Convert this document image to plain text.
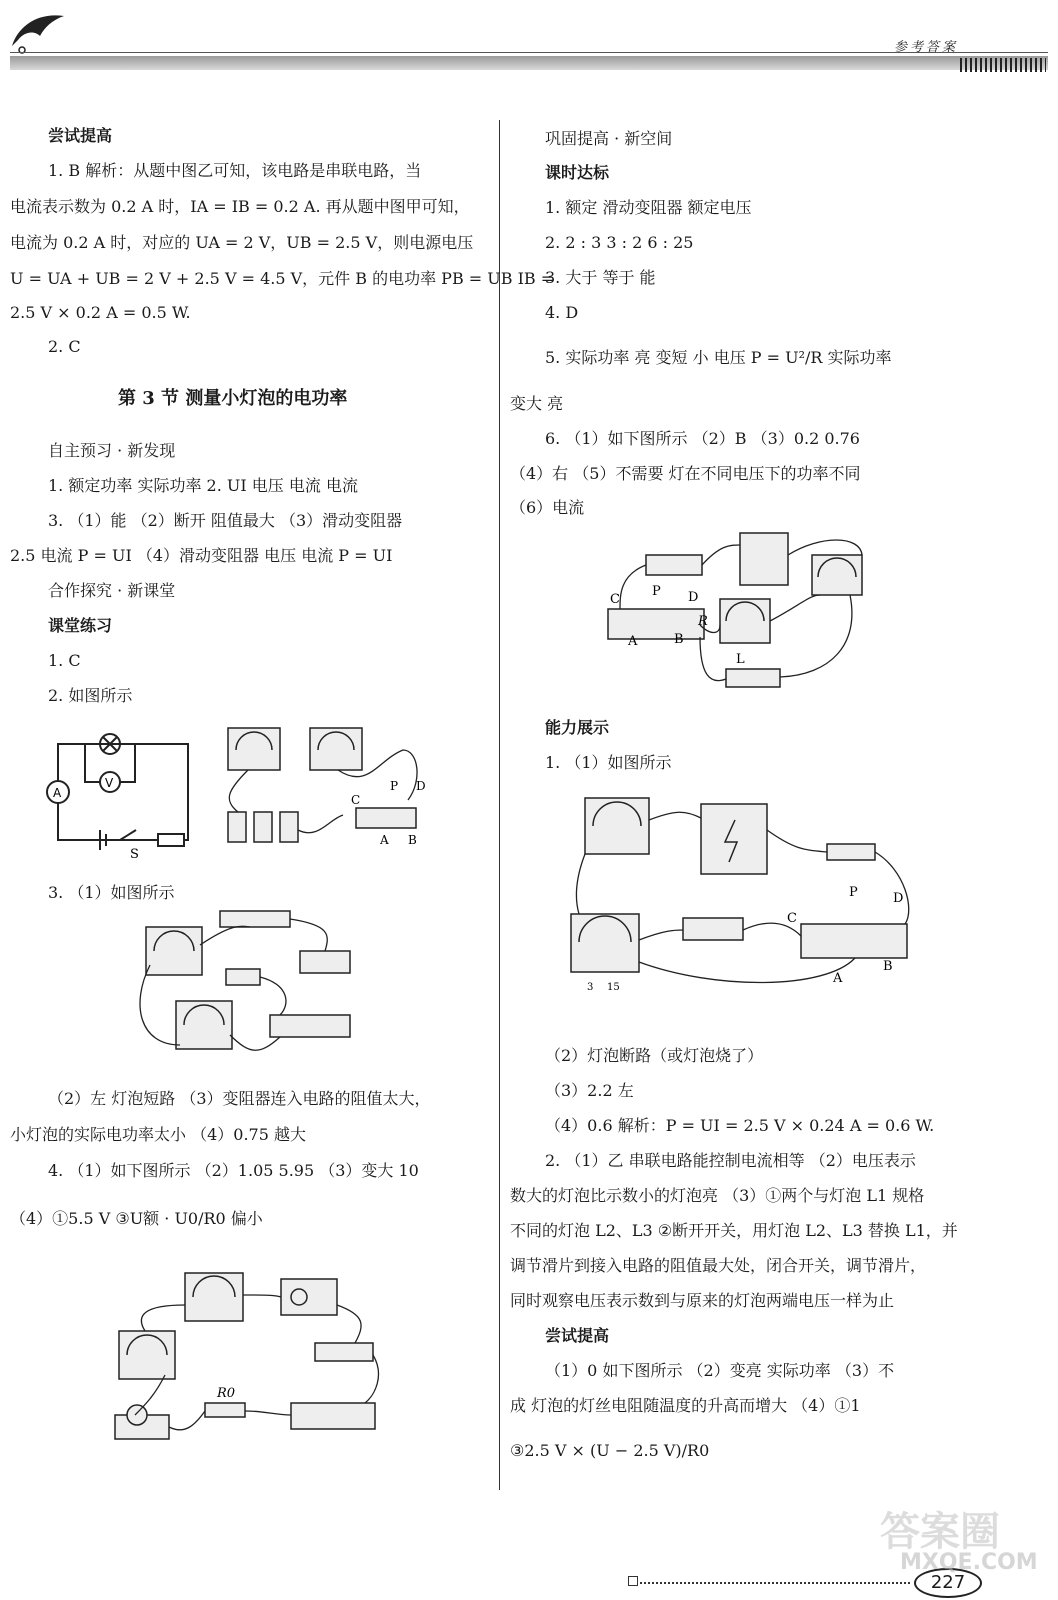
参考答案
尝试提高
1. B 解析：从题中图乙可知，该电路是串联电路，当
电流表示数为 0.2 A 时，IA = IB = 0.2 A. 再从题中图甲可知，
电流为 0.2 A 时，对应的 UA = 2 V，UB = 2.5 V，则电源电压
U = UA + UB = 2 V + 2.5 V = 4.5 V，元件 B 的电功率 PB = UB IB =
2.5 V × 0.2 A = 0.5 W.
2. C
第 3 节 测量小灯泡的电功率
自主预习 · 新发现
1. 额定功率 实际功率 2. UI 电压 电流 电流
3. （1）能 （2）断开 阻值最大 （3）滑动变阻器
2.5 电流 P = UI （4）滑动变阻器 电压 电流 P = UI
合作探究 · 新课堂
课堂练习
1. C
2. 如图所示
3. （1）如图所示
（2）左 灯泡短路 （3）变阻器连入电路的阻值太大，
小灯泡的实际电功率太小 （4）0.75 越大
4. （1）如下图所示 （2）1.05 5.95 （3）变大 10
（4）①5.5 V ③U额 · U0/R0 偏小
巩固提高 · 新空间
课时达标
1. 额定 滑动变阻器 额定电压
2. 2 : 3 3 : 2 6 : 25
3. 大于 等于 能
4. D
5. 实际功率 亮 变短 小 电压 P = U²/R 实际功率
变大 亮
6. （1）如下图所示 （2）B （3）0.2 0.76
（4）右 （5）不需要 灯在不同电压下的功率不同
（6）电流
能力展示
1. （1）如图所示
（2）灯泡断路（或灯泡烧了）
（3）2.2 左
（4）0.6 解析：P = UI = 2.5 V × 0.24 A = 0.6 W.
2. （1）乙 串联电路能控制电流相等 （2）电压表示
数大的灯泡比示数小的灯泡亮 （3）①两个与灯泡 L1 规格
不同的灯泡 L2、L3 ②断开开关，用灯泡 L2、L3 替换 L1，并
调节滑片到接入电路的阻值最大处，闭合开关，调节滑片，
同时观察电压表示数到与原来的灯泡两端电压一样为止
尝试提高
（1）0 如下图所示 （2）变亮 实际功率 （3）不
成 灯泡的灯丝电阻随温度的升高而增大 （4）①1
③2.5 V × (U − 2.5 V)/R0
V
A
S
P D
C
B
A
R0
C
P D
B
A
R
L
P	D
C
B
A
3 15
227
答案圈
MXQE.COM
